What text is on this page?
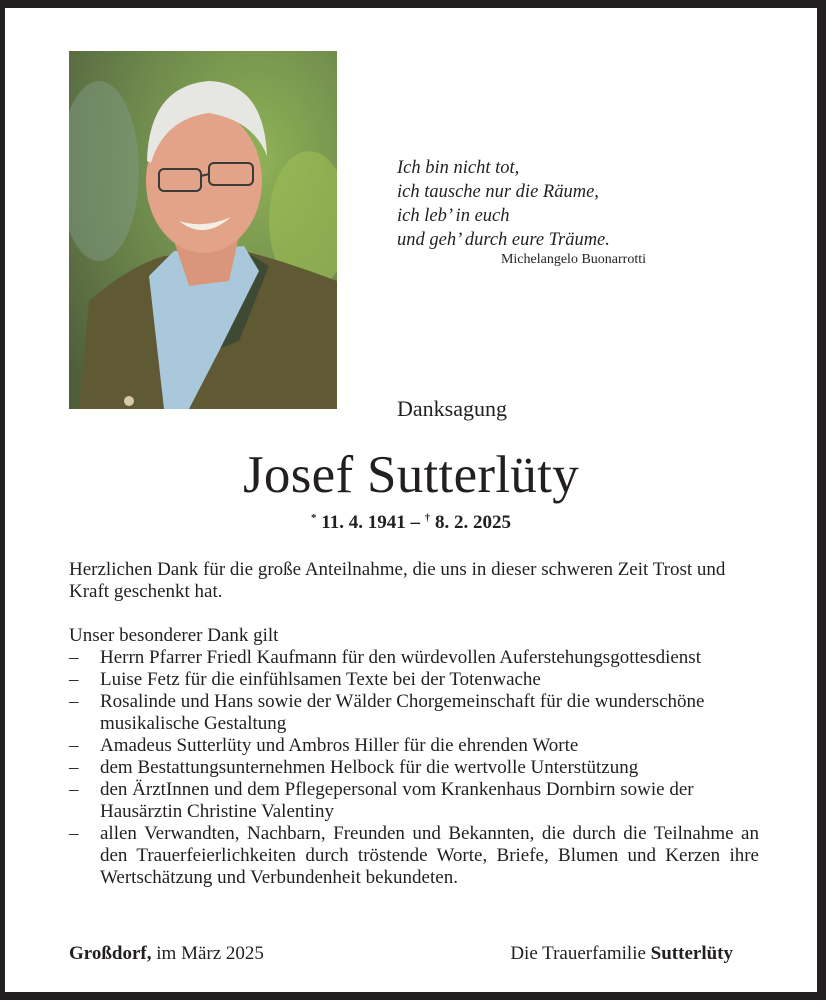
Ich bin nicht tot,
ich tausche nur die Räume,
ich leb’ in euch
und geh’ durch eure Träume.
Michelangelo Buonarrotti
Danksagung
Josef Sutterlüty
* 11. 4. 1941 – † 8. 2. 2025

Herzlichen Dank für die große Anteilnahme, die uns in dieser schweren Zeit Trost und Kraft geschenkt hat.

Unser besonderer Dank gilt

– Herrn Pfarrer Friedl Kaufmann für den würdevollen Auferstehungsgottesdienst
– Luise Fetz für die einfühlsamen Texte bei der Totenwache
– Rosalinde und Hans sowie der Wälder Chorgemeinschaft für die wunderschöne musikalische Gestaltung
– Amadeus Sutterlüty und Ambros Hiller für die ehrenden Worte
– dem Bestattungsunternehmen Helbock für die wertvolle Unterstützung
– den ÄrztInnen und dem Pflegepersonal vom Krankenhaus Dornbirn sowie der Hausärztin Christine Valentiny
– allen Verwandten, Nachbarn, Freunden und Bekannten, die durch die Teilnahme an den Trauerfeierlichkeiten durch tröstende Worte, Briefe, Blumen und Kerzen ihre Wertschätzung und Verbundenheit bekundeten.
Großdorf, im März 2025	Die Trauerfamilie Sutterlüty
